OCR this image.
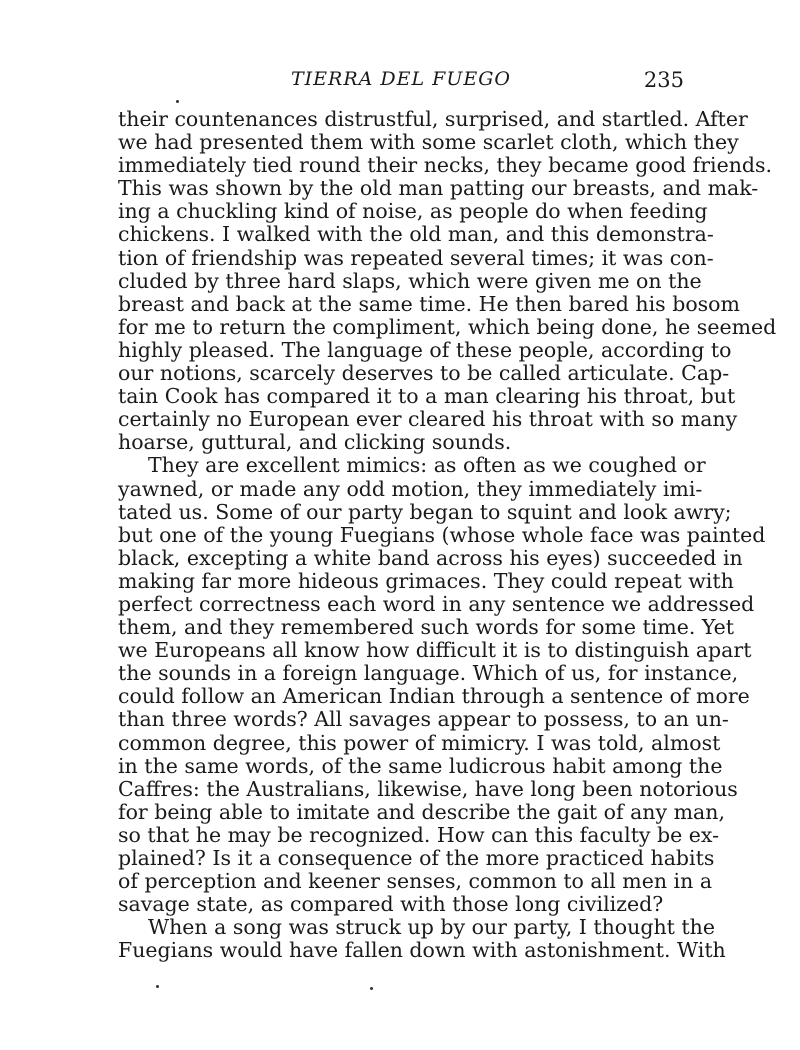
TIERRA DEL FUEGO	235
their countenances distrustful, surprised, and startled. After
we had presented them with some scarlet cloth, which they
immediately tied round their necks, they became good friends.
This was shown by the old man patting our breasts, and mak-
ing a chuckling kind of noise, as people do when feeding
chickens. I walked with the old man, and this demonstra-
tion of friendship was repeated several times; it was con-
cluded by three hard slaps, which were given me on the
breast and back at the same time. He then bared his bosom
for me to return the compliment, which being done, he seemed
highly pleased. The language of these people, according to
our notions, scarcely deserves to be called articulate. Cap-
tain Cook has compared it to a man clearing his throat, but
certainly no European ever cleared his throat with so many
hoarse, guttural, and clicking sounds.
They are excellent mimics: as often as we coughed or
yawned, or made any odd motion, they immediately imi-
tated us. Some of our party began to squint and look awry;
but one of the young Fuegians (whose whole face was painted
black, excepting a white band across his eyes) succeeded in
making far more hideous grimaces. They could repeat with
perfect correctness each word in any sentence we addressed
them, and they remembered such words for some time. Yet
we Europeans all know how difficult it is to distinguish apart
the sounds in a foreign language. Which of us, for instance,
could follow an American Indian through a sentence of more
than three words? All savages appear to possess, to an un-
common degree, this power of mimicry. I was told, almost
in the same words, of the same ludicrous habit among the
Caffres: the Australians, likewise, have long been notorious
for being able to imitate and describe the gait of any man,
so that he may be recognized. How can this faculty be ex-
plained? Is it a consequence of the more practiced habits
of perception and keener senses, common to all men in a
savage state, as compared with those long civilized?
When a song was struck up by our party, I thought the
Fuegians would have fallen down with astonishment. With
